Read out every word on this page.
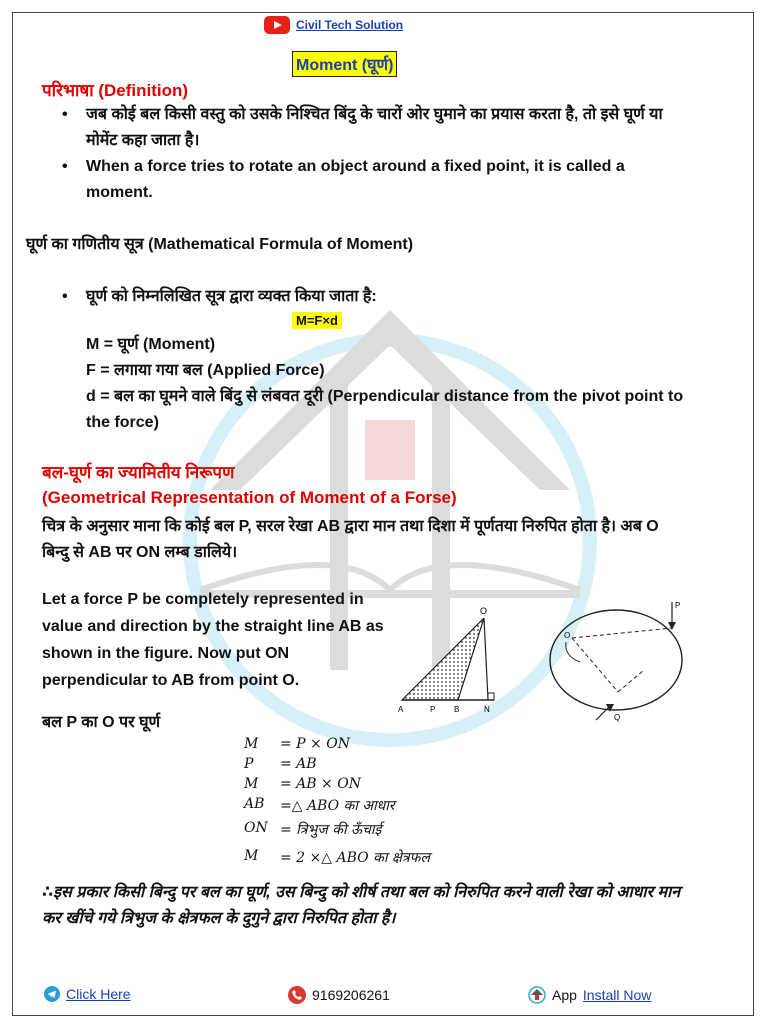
Civil Tech Solution
Moment (घूर्ण)
परिभाषा (Definition)
• जब कोई बल किसी वस्तु को उसके निश्चित बिंदु के चारों ओर घुमाने का प्रयास करता है, तो इसे घूर्ण या मोमेंट कहा जाता है।
• When a force tries to rotate an object around a fixed point, it is called a moment.
घूर्ण का गणितीय सूत्र (Mathematical Formula of Moment)
• घूर्ण को निम्नलिखित सूत्र द्वारा व्यक्त किया जाता है:
M=F×d
M = घूर्ण (Moment)
F = लगाया गया बल (Applied Force)
d = बल का घूमने वाले बिंदु से लंबवत दूरी (Perpendicular distance from the pivot point to the force)
बल-घूर्ण का ज्यामितीय निरूपण
(Geometrical Representation of Moment of a Forse)
चित्र के अनुसार माना कि कोई बल P, सरल रेखा AB द्वारा मान तथा दिशा में पूर्णतया निरुपित होता है। अब O बिन्दु से AB पर ON लम्ब डालिये।
Let a force P be completely represented in value and direction by the straight line AB as shown in the figure. Now put ON perpendicular to AB from point O.
O
A	P B	N
P
O
Q
बल P का O पर घूर्ण
M	= P × ON
P	= AB
M	= AB × ON
AB	=△ ABO का आधार
ON = त्रिभुज की ऊँचाई
M	= 2 ×△ ABO का क्षेत्रफल
∴इस प्रकार किसी बिन्दु पर बल का घूर्ण, उस बिन्दु को शीर्ष तथा बल को निरुपित करने वाली रेखा को आधार मान कर खींचे गये त्रिभुज के क्षेत्रफल के दुगुने द्वारा निरुपित होता है।
Click Here	9169206261	App Install Now
